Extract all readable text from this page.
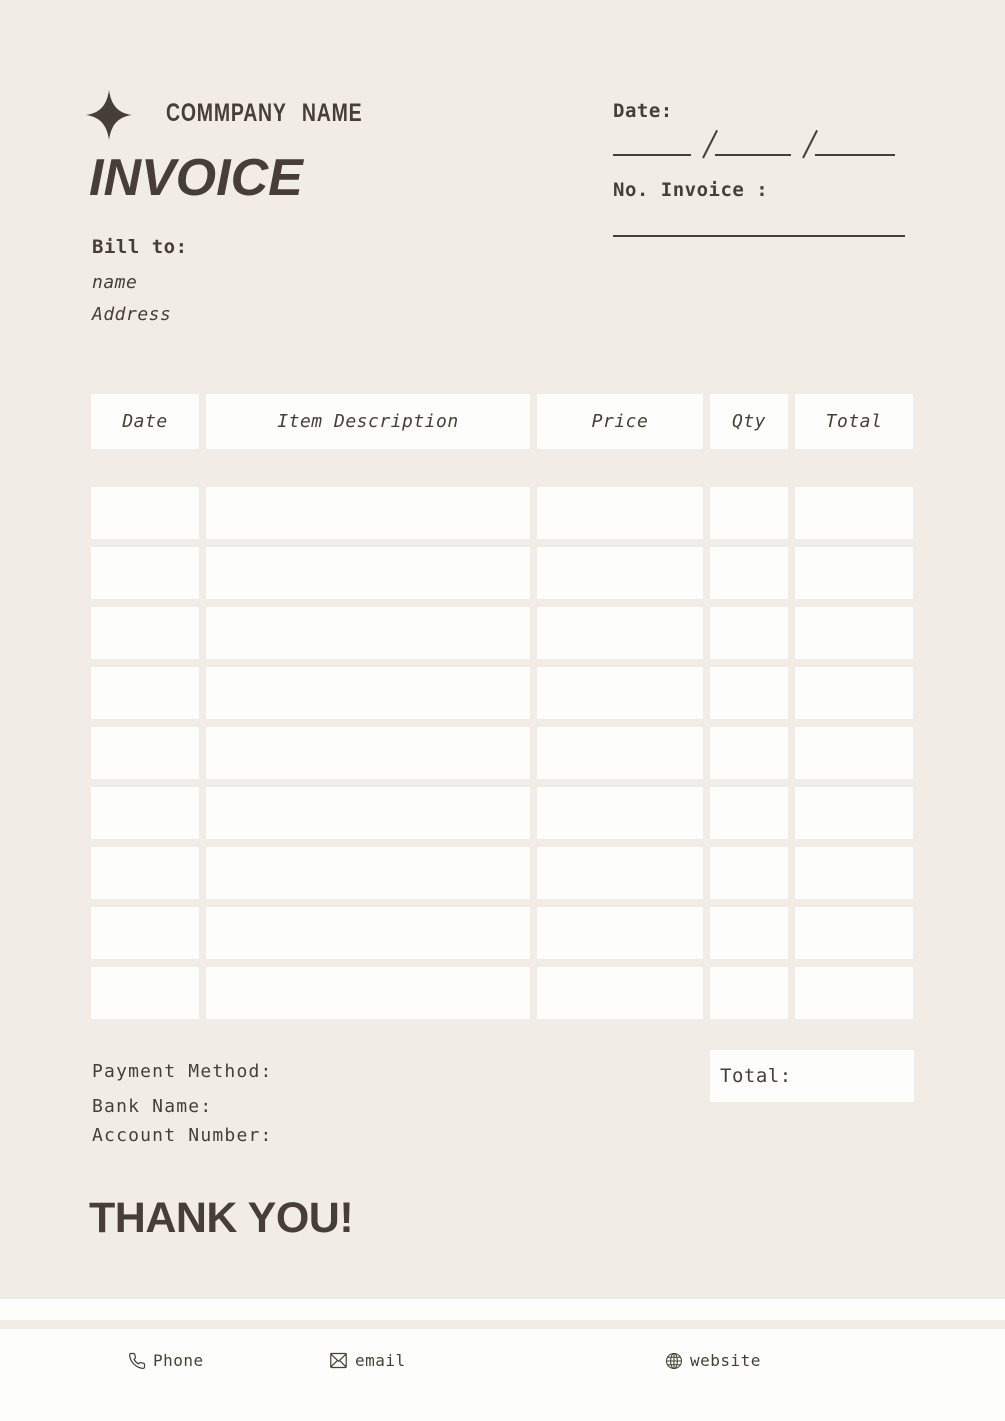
COMMPANY NAME
INVOICE
Date:
No. Invoice :
Bill to:
name
Address
Date	Item Description	Price	Qty	Total
Total:
Payment Method:
Bank Name:
Account Number:
THANK YOU!
Phone	email	website
